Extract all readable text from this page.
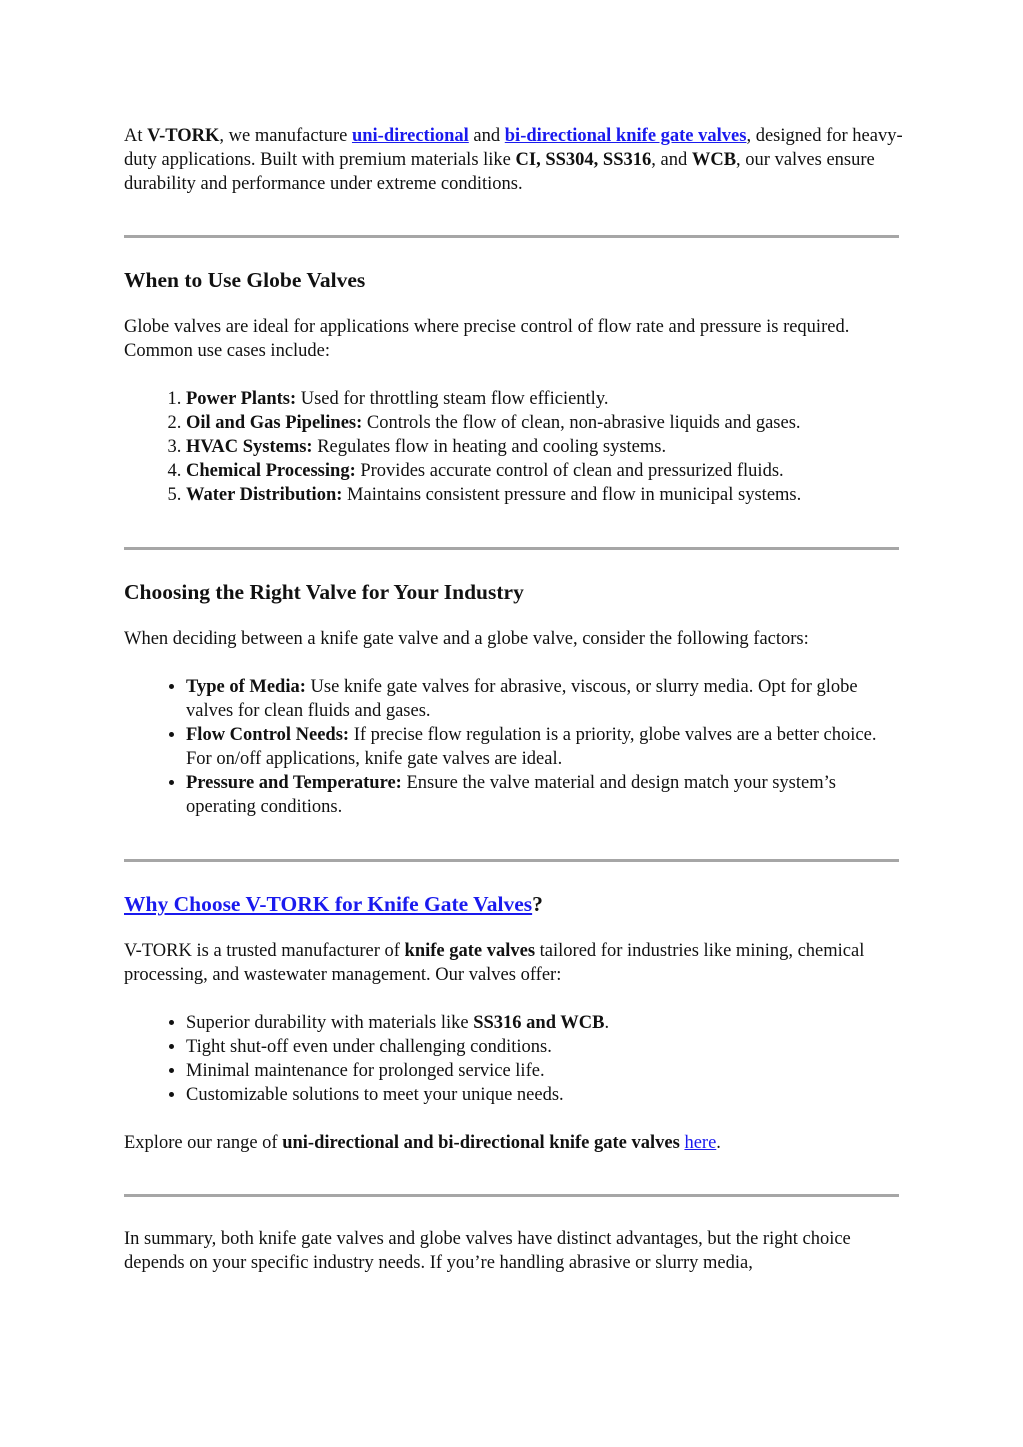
At V-TORK, we manufacture uni-directional and bi-directional knife gate valves, designed for heavy-duty applications. Built with premium materials like CI, SS304, SS316, and WCB, our valves ensure durability and performance under extreme conditions.

When to Use Globe Valves

Globe valves are ideal for applications where precise control of flow rate and pressure is required. Common use cases include:

1. Power Plants: Used for throttling steam flow efficiently.
2. Oil and Gas Pipelines: Controls the flow of clean, non-abrasive liquids and gases.
3. HVAC Systems: Regulates flow in heating and cooling systems.
4. Chemical Processing: Provides accurate control of clean and pressurized fluids.
5. Water Distribution: Maintains consistent pressure and flow in municipal systems.
Choosing the Right Valve for Your Industry

When deciding between a knife gate valve and a globe valve, consider the following factors:

• Type of Media: Use knife gate valves for abrasive, viscous, or slurry media. Opt for globe valves for clean fluids and gases.
• Flow Control Needs: If precise flow regulation is a priority, globe valves are a better choice. For on/off applications, knife gate valves are ideal.
• Pressure and Temperature: Ensure the valve material and design match your system’s operating conditions.
Why Choose V-TORK for Knife Gate Valves?

V-TORK is a trusted manufacturer of knife gate valves tailored for industries like mining, chemical processing, and wastewater management. Our valves offer:

• Superior durability with materials like SS316 and WCB.
• Tight shut-off even under challenging conditions.
• Minimal maintenance for prolonged service life.
• Customizable solutions to meet your unique needs.

Explore our range of uni-directional and bi-directional knife gate valves here.

In summary, both knife gate valves and globe valves have distinct advantages, but the right choice depends on your specific industry needs. If you’re handling abrasive or slurry media,
